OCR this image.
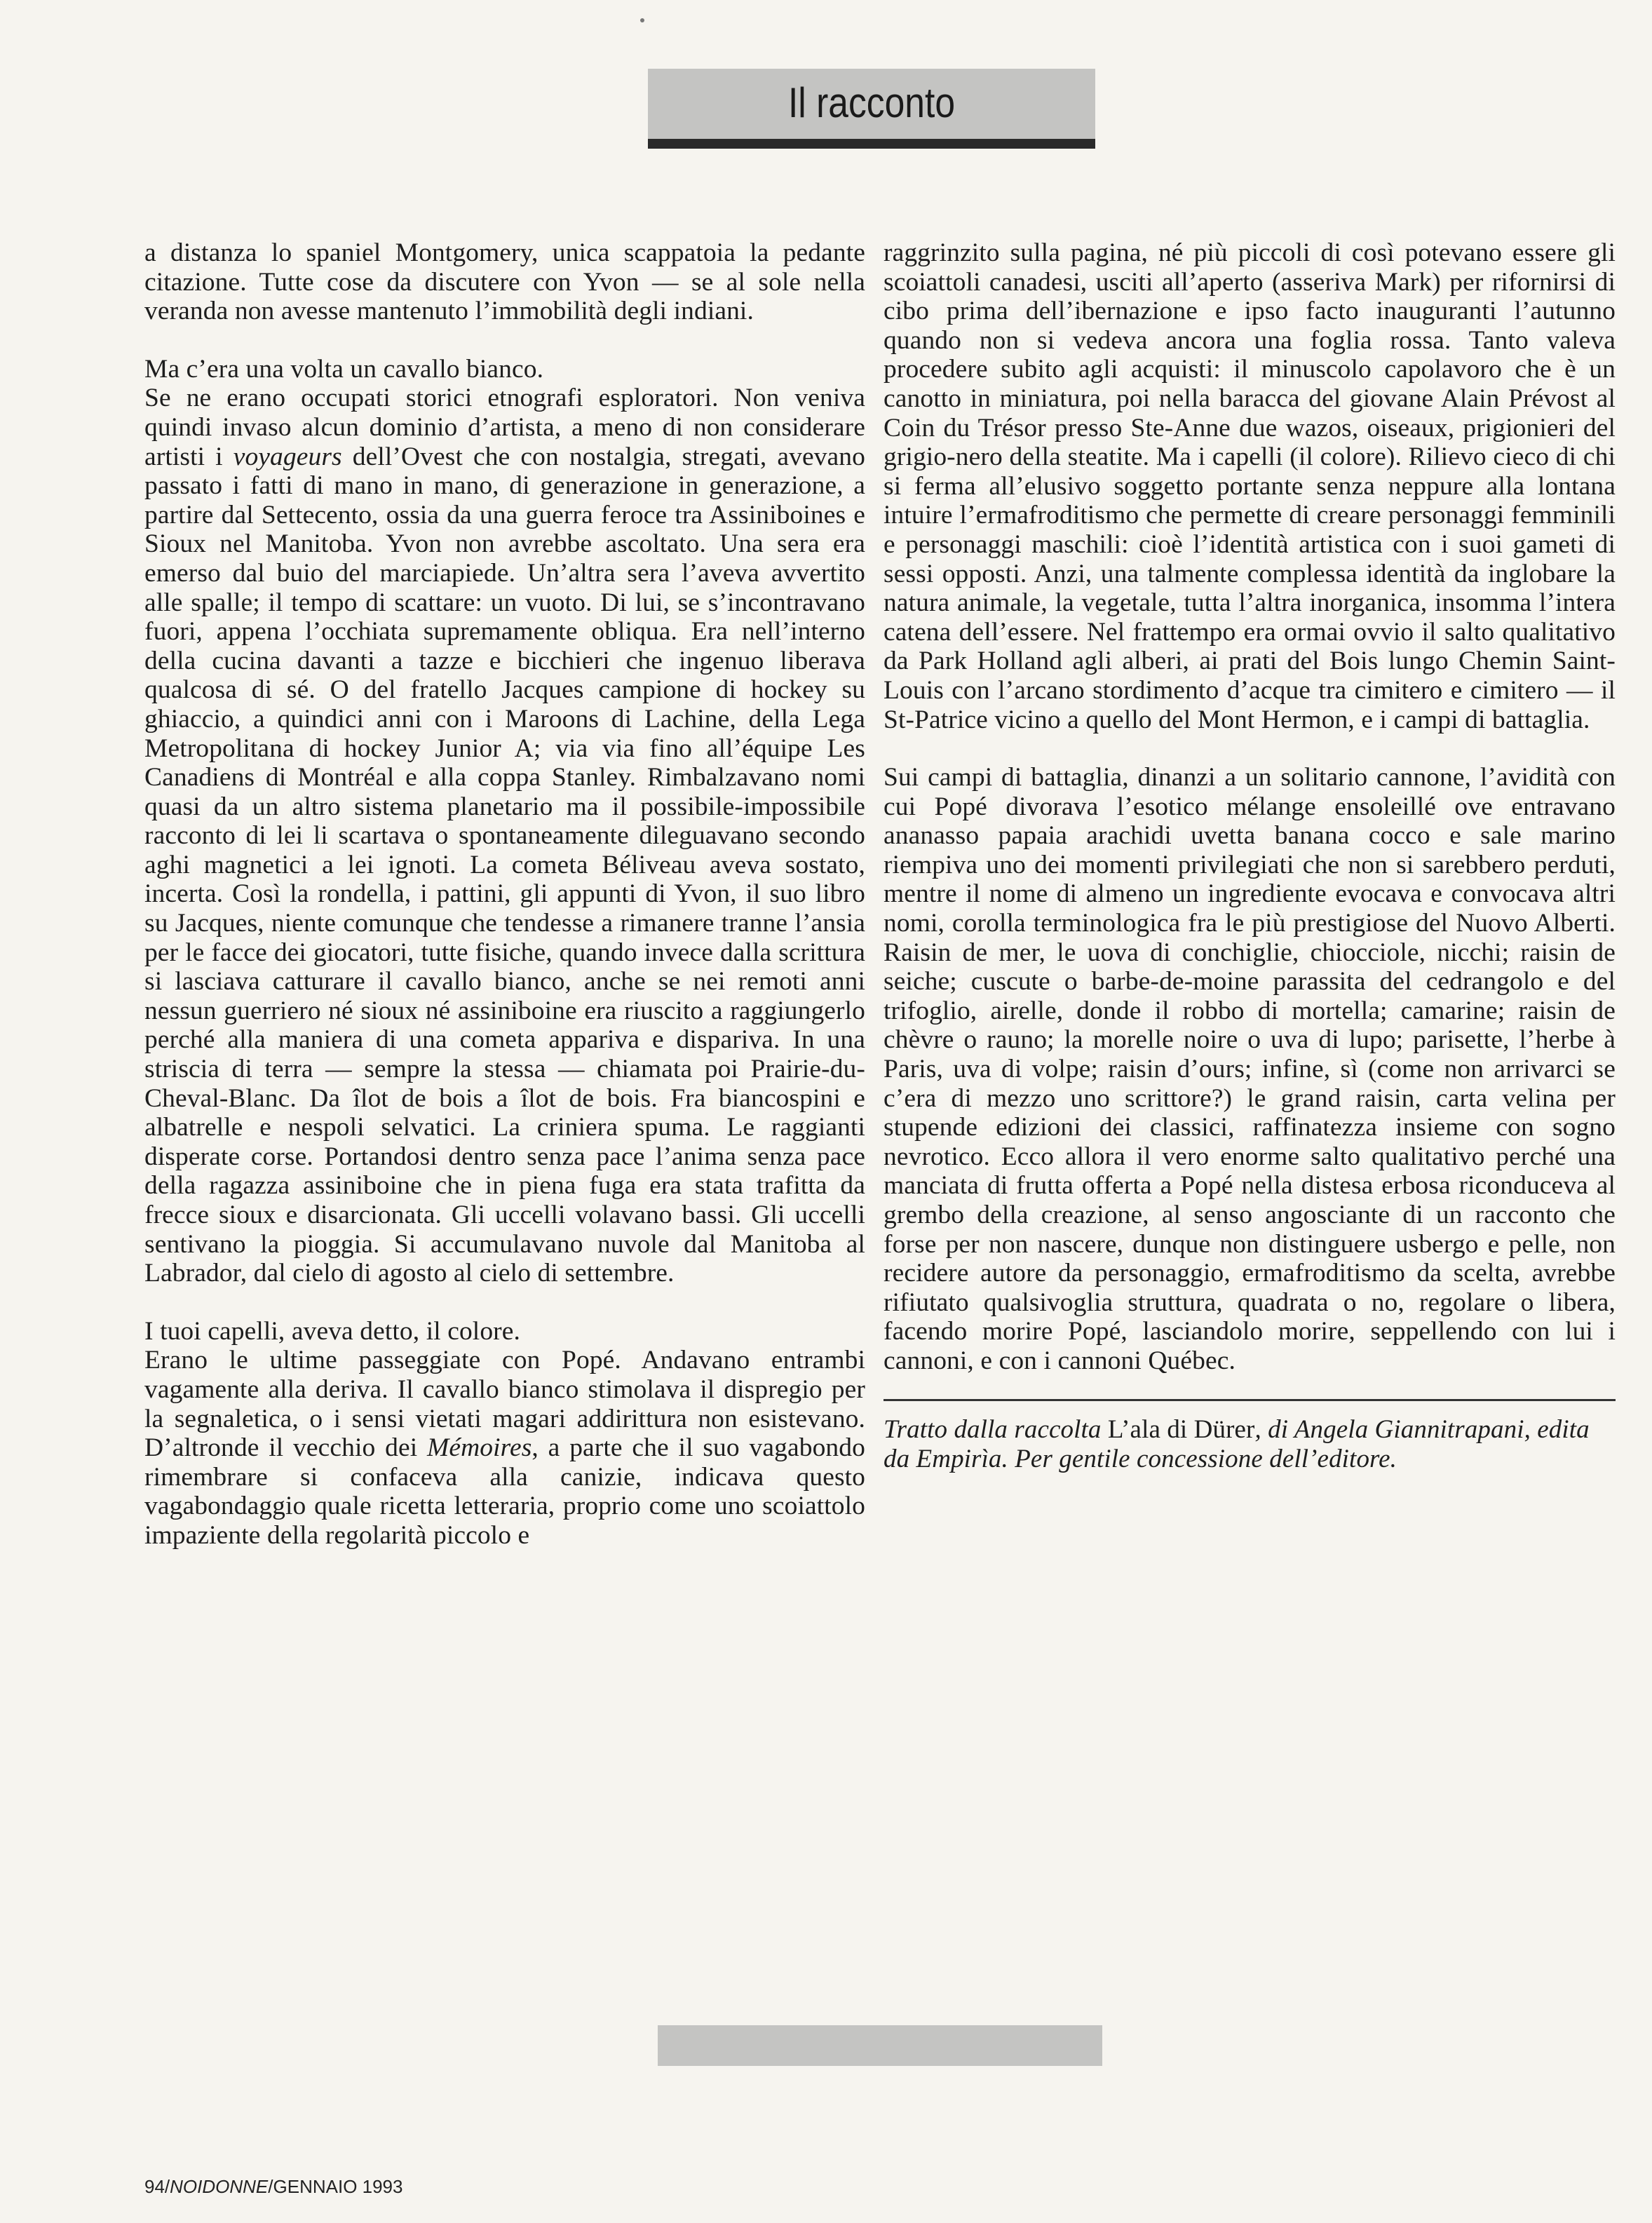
Il racconto

a distanza lo spaniel Montgomery, unica scappatoia la pedante citazione. Tutte cose da discutere con Yvon — se al sole nella veranda non avesse mantenuto l’immobilità degli indiani.

Ma c’era una volta un cavallo bianco.

Se ne erano occupati storici etnografi esploratori. Non veniva quindi invaso alcun dominio d’artista, a meno di non considerare artisti i voyageurs dell’Ovest che con nostalgia, stregati, avevano passato i fatti di mano in mano, di generazione in generazione, a partire dal Settecento, ossia da una guerra feroce tra Assiniboines e Sioux nel Manitoba. Yvon non avrebbe ascoltato. Una sera era emerso dal buio del marciapiede. Un’altra sera l’aveva avvertito alle spalle; il tempo di scattare: un vuoto. Di lui, se s’incontravano fuori, appena l’occhiata supremamente obliqua. Era nell’interno della cucina davanti a tazze e bicchieri che ingenuo liberava qualcosa di sé. O del fratello Jacques campione di hockey su ghiaccio, a quindici anni con i Maroons di Lachine, della Lega Metropolitana di hockey Junior A; via via fino all’équipe Les Canadiens di Montréal e alla coppa Stanley. Rimbalzavano nomi quasi da un altro sistema planetario ma il possibile-impossibile racconto di lei li scartava o spontaneamente dileguavano secondo aghi magnetici a lei ignoti. La cometa Béliveau aveva sostato, incerta. Così la rondella, i pattini, gli appunti di Yvon, il suo libro su Jacques, niente comunque che tendesse a rimanere tranne l’ansia per le facce dei giocatori, tutte fisiche, quando invece dalla scrittura si lasciava catturare il cavallo bianco, anche se nei remoti anni nessun guerriero né sioux né assiniboine era riuscito a raggiungerlo perché alla maniera di una cometa appariva e dispariva. In una striscia di terra — sempre la stessa — chiamata poi Prairie-du-Cheval-Blanc. Da îlot de bois a îlot de bois. Fra biancospini e albatrelle e nespoli selvatici. La criniera spuma. Le raggianti disperate corse. Portandosi dentro senza pace l’anima senza pace della ragazza assiniboine che in piena fuga era stata trafitta da frecce sioux e disarcionata. Gli uccelli volavano bassi. Gli uccelli sentivano la pioggia. Si accumulavano nuvole dal Manitoba al Labrador, dal cielo di agosto al cielo di settembre.

I tuoi capelli, aveva detto, il colore.

Erano le ultime passeggiate con Popé. Andavano entrambi vagamente alla deriva. Il cavallo bianco stimolava il dispregio per la segnaletica, o i sensi vietati magari addirittura non esistevano. D’altronde il vecchio dei Mémoires, a parte che il suo vagabondo rimembrare si confaceva alla canizie, indicava questo vagabondaggio quale ricetta letteraria, proprio come uno scoiattolo impaziente della regolarità piccolo e

raggrinzito sulla pagina, né più piccoli di così potevano essere gli scoiattoli canadesi, usciti all’aperto (asseriva Mark) per rifornirsi di cibo prima dell’ibernazione e ipso facto inauguranti l’autunno quando non si vedeva ancora una foglia rossa. Tanto valeva procedere subito agli acquisti: il minuscolo capolavoro che è un canotto in miniatura, poi nella baracca del giovane Alain Prévost al Coin du Trésor presso Ste-Anne due wazos, oiseaux, prigionieri del grigio-nero della steatite. Ma i capelli (il colore). Rilievo cieco di chi si ferma all’elusivo soggetto portante senza neppure alla lontana intuire l’ermafroditismo che permette di creare personaggi femminili e personaggi maschili: cioè l’identità artistica con i suoi gameti di sessi opposti. Anzi, una talmente complessa identità da inglobare la natura animale, la vegetale, tutta l’altra inorganica, insomma l’intera catena dell’essere. Nel frattempo era ormai ovvio il salto qualitativo da Park Holland agli alberi, ai prati del Bois lungo Chemin Saint-Louis con l’arcano stordimento d’acque tra cimitero e cimitero — il St-Patrice vicino a quello del Mont Hermon, e i campi di battaglia.

Sui campi di battaglia, dinanzi a un solitario cannone, l’avidità con cui Popé divorava l’esotico mélange ensoleillé ove entravano ananasso papaia arachidi uvetta banana cocco e sale marino riempiva uno dei momenti privilegiati che non si sarebbero perduti, mentre il nome di almeno un ingrediente evocava e convocava altri nomi, corolla terminologica fra le più prestigiose del Nuovo Alberti. Raisin de mer, le uova di conchiglie, chiocciole, nicchi; raisin de seiche; cuscute o barbe-de-moine parassita del cedrangolo e del trifoglio, airelle, donde il robbo di mortella; camarine; raisin de chèvre o rauno; la morelle noire o uva di lupo; parisette, l’herbe à Paris, uva di volpe; raisin d’ours; infine, sì (come non arrivarci se c’era di mezzo uno scrittore?) le grand raisin, carta velina per stupende edizioni dei classici, raffinatezza insieme con sogno nevrotico. Ecco allora il vero enorme salto qualitativo perché una manciata di frutta offerta a Popé nella distesa erbosa riconduceva al grembo della creazione, al senso angosciante di un racconto che forse per non nascere, dunque non distinguere usbergo e pelle, non recidere autore da personaggio, ermafroditismo da scelta, avrebbe rifiutato qualsivoglia struttura, quadrata o no, regolare o libera, facendo morire Popé, lasciandolo morire, seppellendo con lui i cannoni, e con i cannoni Québec.

Tratto dalla raccolta L’ala di Dürer, di Angela Giannitrapani, edita da Empirìa. Per gentile concessione dell’editore.
94/NOIDONNE/GENNAIO 1993
